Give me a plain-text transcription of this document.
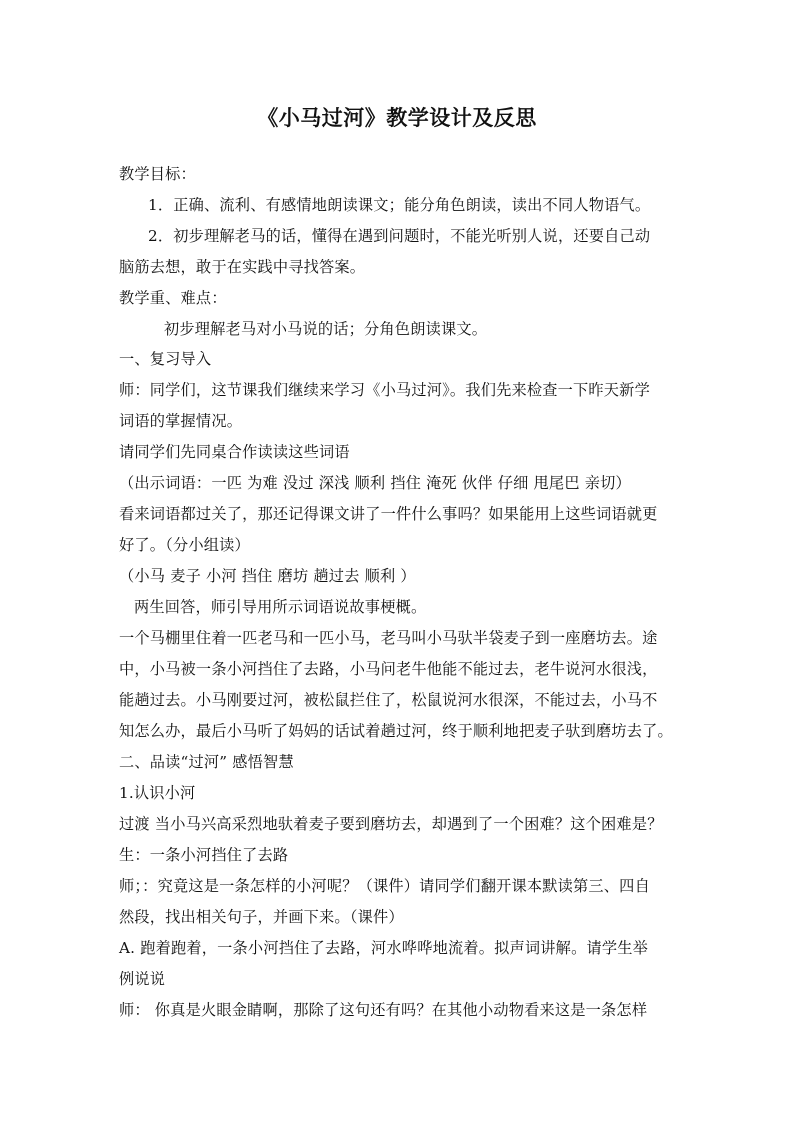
《小马过河》教学设计及反思
教学目标：
1．正确、流利、有感情地朗读课文；能分角色朗读，读出不同人物语气。
2．初步理解老马的话，懂得在遇到问题时，不能光听别人说，还要自己动
脑筋去想，敢于在实践中寻找答案。
教学重、难点：
初步理解老马对小马说的话；分角色朗读课文。
一、复习导入
师：同学们，这节课我们继续来学习《小马过河》。我们先来检查一下昨天新学
词语的掌握情况。
请同学们先同桌合作读读这些词语
（出示词语：一匹 为难 没过 深浅 顺利 挡住 淹死 伙伴 仔细 甩尾巴 亲切）
看来词语都过关了，那还记得课文讲了一件什么事吗？如果能用上这些词语就更
好了。（分小组读）
（小马 麦子 小河 挡住 磨坊 趟过去 顺利 ）
两生回答，师引导用所示词语说故事梗概。
一个马棚里住着一匹老马和一匹小马，老马叫小马驮半袋麦子到一座磨坊去。途
中，小马被一条小河挡住了去路，小马问老牛他能不能过去，老牛说河水很浅，
能趟过去。小马刚要过河，被松鼠拦住了，松鼠说河水很深，不能过去，小马不
知怎么办，最后小马听了妈妈的话试着趟过河，终于顺利地把麦子驮到磨坊去了。
二、品读“过河” 感悟智慧
1.认识小河
过渡 当小马兴高采烈地驮着麦子要到磨坊去，却遇到了一个困难？这个困难是？
生：一条小河挡住了去路
师；：究竟这是一条怎样的小河呢？（课件）请同学们翻开课本默读第三、四自
然段，找出相关句子，并画下来。（课件）
A. 跑着跑着，一条小河挡住了去路，河水哗哗地流着。拟声词讲解。请学生举
例说说
师： 你真是火眼金睛啊，那除了这句还有吗？在其他小动物看来这是一条怎样
